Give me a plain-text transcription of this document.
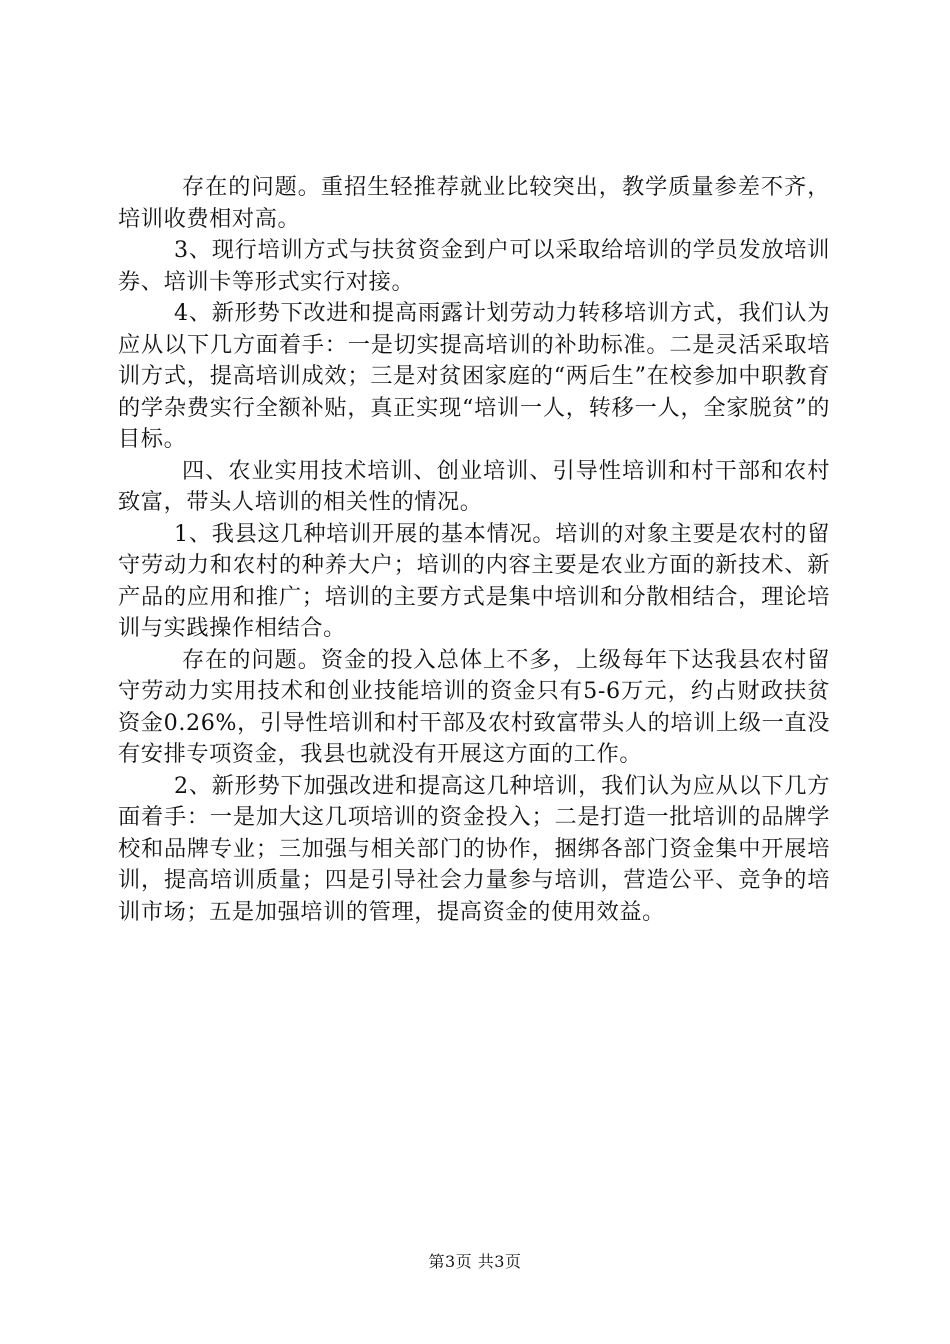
存在的问题。重招生轻推荐就业比较突出，教学质量参差不齐，培训收费相对高。

3、现行培训方式与扶贫资金到户可以采取给培训的学员发放培训券、培训卡等形式实行对接。

4、新形势下改进和提高雨露计划劳动力转移培训方式，我们认为应从以下几方面着手：一是切实提高培训的补助标准。二是灵活采取培训方式，提高培训成效；三是对贫困家庭的“两后生”在校参加中职教育的学杂费实行全额补贴，真正实现“培训一人，转移一人，全家脱贫”的目标。

四、农业实用技术培训、创业培训、引导性培训和村干部和农村致富，带头人培训的相关性的情况。

1、我县这几种培训开展的基本情况。培训的对象主要是农村的留守劳动力和农村的种养大户；培训的内容主要是农业方面的新技术、新产品的应用和推广；培训的主要方式是集中培训和分散相结合，理论培训与实践操作相结合。

存在的问题。资金的投入总体上不多，上级每年下达我县农村留守劳动力实用技术和创业技能培训的资金只有5-6万元，约占财政扶贫资金0.26%，引导性培训和村干部及农村致富带头人的培训上级一直没有安排专项资金，我县也就没有开展这方面的工作。

2、新形势下加强改进和提高这几种培训，我们认为应从以下几方面着手：一是加大这几项培训的资金投入；二是打造一批培训的品牌学校和品牌专业；三加强与相关部门的协作，捆绑各部门资金集中开展培训，提高培训质量；四是引导社会力量参与培训，营造公平、竞争的培训市场；五是加强培训的管理，提高资金的使用效益。

第3页 共3页
